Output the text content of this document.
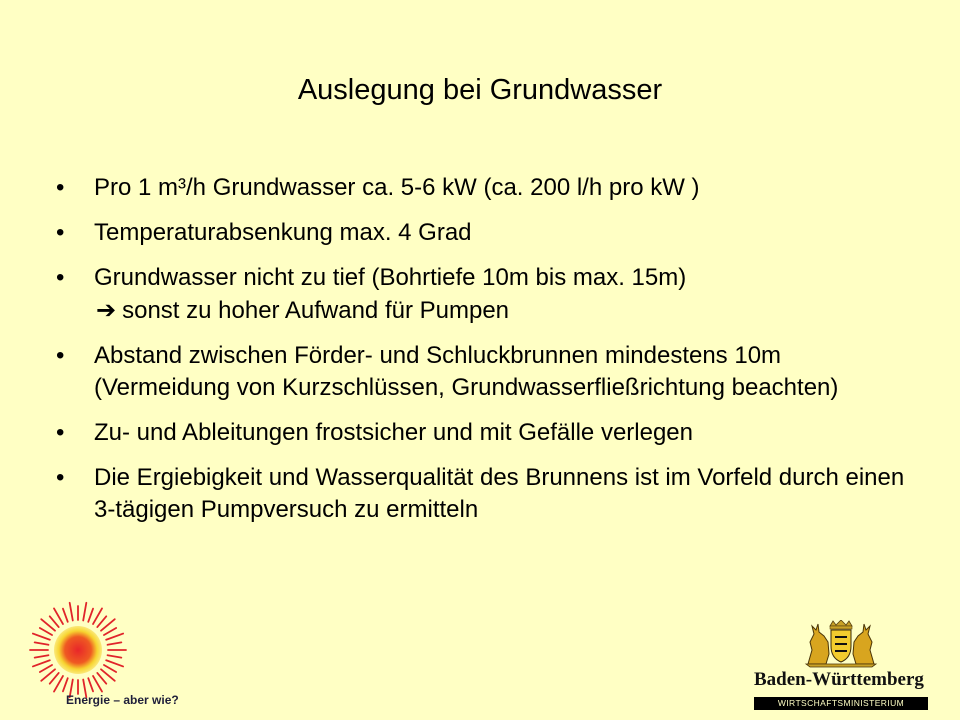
Auslegung bei Grundwasser
• Pro 1 m³/h Grundwasser ca. 5-6 kW (ca. 200 l/h pro kW )
• Temperaturabsenkung max. 4 Grad
• Grundwasser nicht zu tief (Bohrtiefe 10m bis max. 15m)
➔ sonst zu hoher Aufwand für Pumpen
• Abstand zwischen Förder- und Schluckbrunnen mindestens 10m (Vermeidung von Kurzschlüssen, Grundwasserfließrichtung beachten)
• Zu- und Ableitungen frostsicher und mit Gefälle verlegen
• Die Ergiebigkeit und Wasserqualität des Brunnens ist im Vorfeld durch einen 3-tägigen Pumpversuch zu ermitteln
Energie – aber wie?
Baden-Württemberg
WIRTSCHAFTSMINISTERIUM
